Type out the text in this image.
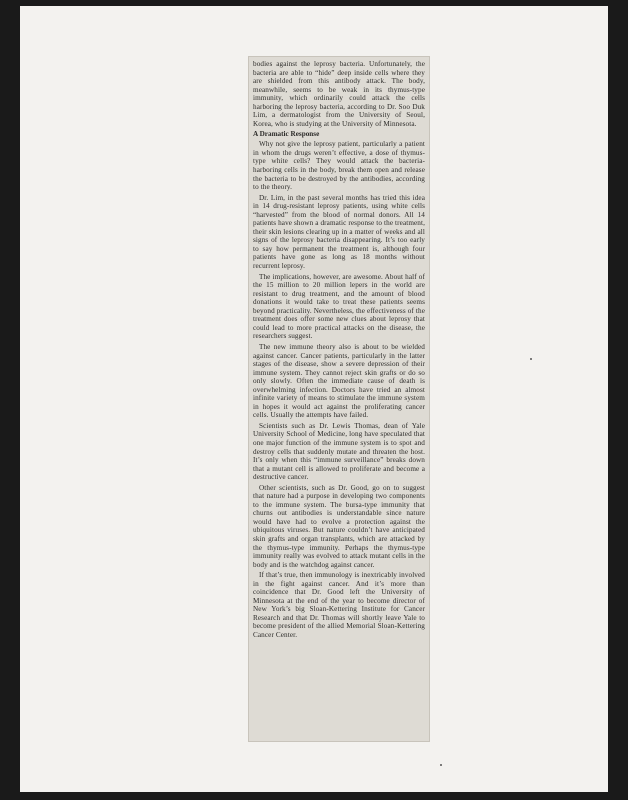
bodies against the leprosy bacteria. Unfortunately, the bacteria are able to “hide” deep inside cells where they are shielded from this antibody attack. The body, meanwhile, seems to be weak in its thymus-type immunity, which ordinarily could attack the cells harboring the leprosy bacteria, according to Dr. Soo Duk Lim, a dermatologist from the University of Seoul, Korea, who is studying at the University of Minnesota.

A Dramatic Response

Why not give the leprosy patient, particularly a patient in whom the drugs weren’t effective, a dose of thymus-type white cells? They would attack the bacteria-harboring cells in the body, break them open and release the bacteria to be destroyed by the antibodies, according to the theory.

Dr. Lim, in the past several months has tried this idea in 14 drug-resistant leprosy patients, using white cells “harvested” from the blood of normal donors. All 14 patients have shown a dramatic response to the treatment, their skin lesions clearing up in a matter of weeks and all signs of the leprosy bacteria disappearing. It’s too early to say how permanent the treatment is, although four patients have gone as long as 18 months without recurrent leprosy.

The implications, however, are awesome. About half of the 15 million to 20 million lepers in the world are resistant to drug treatment, and the amount of blood donations it would take to treat these patients seems beyond practicality. Nevertheless, the effectiveness of the treatment does offer some new clues about leprosy that could lead to more practical attacks on the disease, the researchers suggest.

The new immune theory also is about to be wielded against cancer. Cancer patients, particularly in the latter stages of the disease, show a severe depression of their immune system. They cannot reject skin grafts or do so only slowly. Often the immediate cause of death is overwhelming infection. Doctors have tried an almost infinite variety of means to stimulate the immune system in hopes it would act against the proliferating cancer cells. Usually the attempts have failed.

Scientists such as Dr. Lewis Thomas, dean of Yale University School of Medicine, long have speculated that one major function of the immune system is to spot and destroy cells that suddenly mutate and threaten the host. It’s only when this “immune surveillance” breaks down that a mutant cell is allowed to proliferate and become a destructive cancer.

Other scientists, such as Dr. Good, go on to suggest that nature had a purpose in developing two components to the immune system. The bursa-type immunity that churns out antibodies is understandable since nature would have had to evolve a protection against the ubiquitous viruses. But nature couldn’t have anticipated skin grafts and organ transplants, which are attacked by the thymus-type immunity. Perhaps the thymus-type immunity really was evolved to attack mutant cells in the body and is the watchdog against cancer.

If that’s true, then immunology is inextricably involved in the fight against cancer. And it’s more than coincidence that Dr. Good left the University of Minnesota at the end of the year to become director of New York’s big Sloan-Kettering Institute for Cancer Research and that Dr. Thomas will shortly leave Yale to become president of the allied Memorial Sloan-Kettering Cancer Center.
